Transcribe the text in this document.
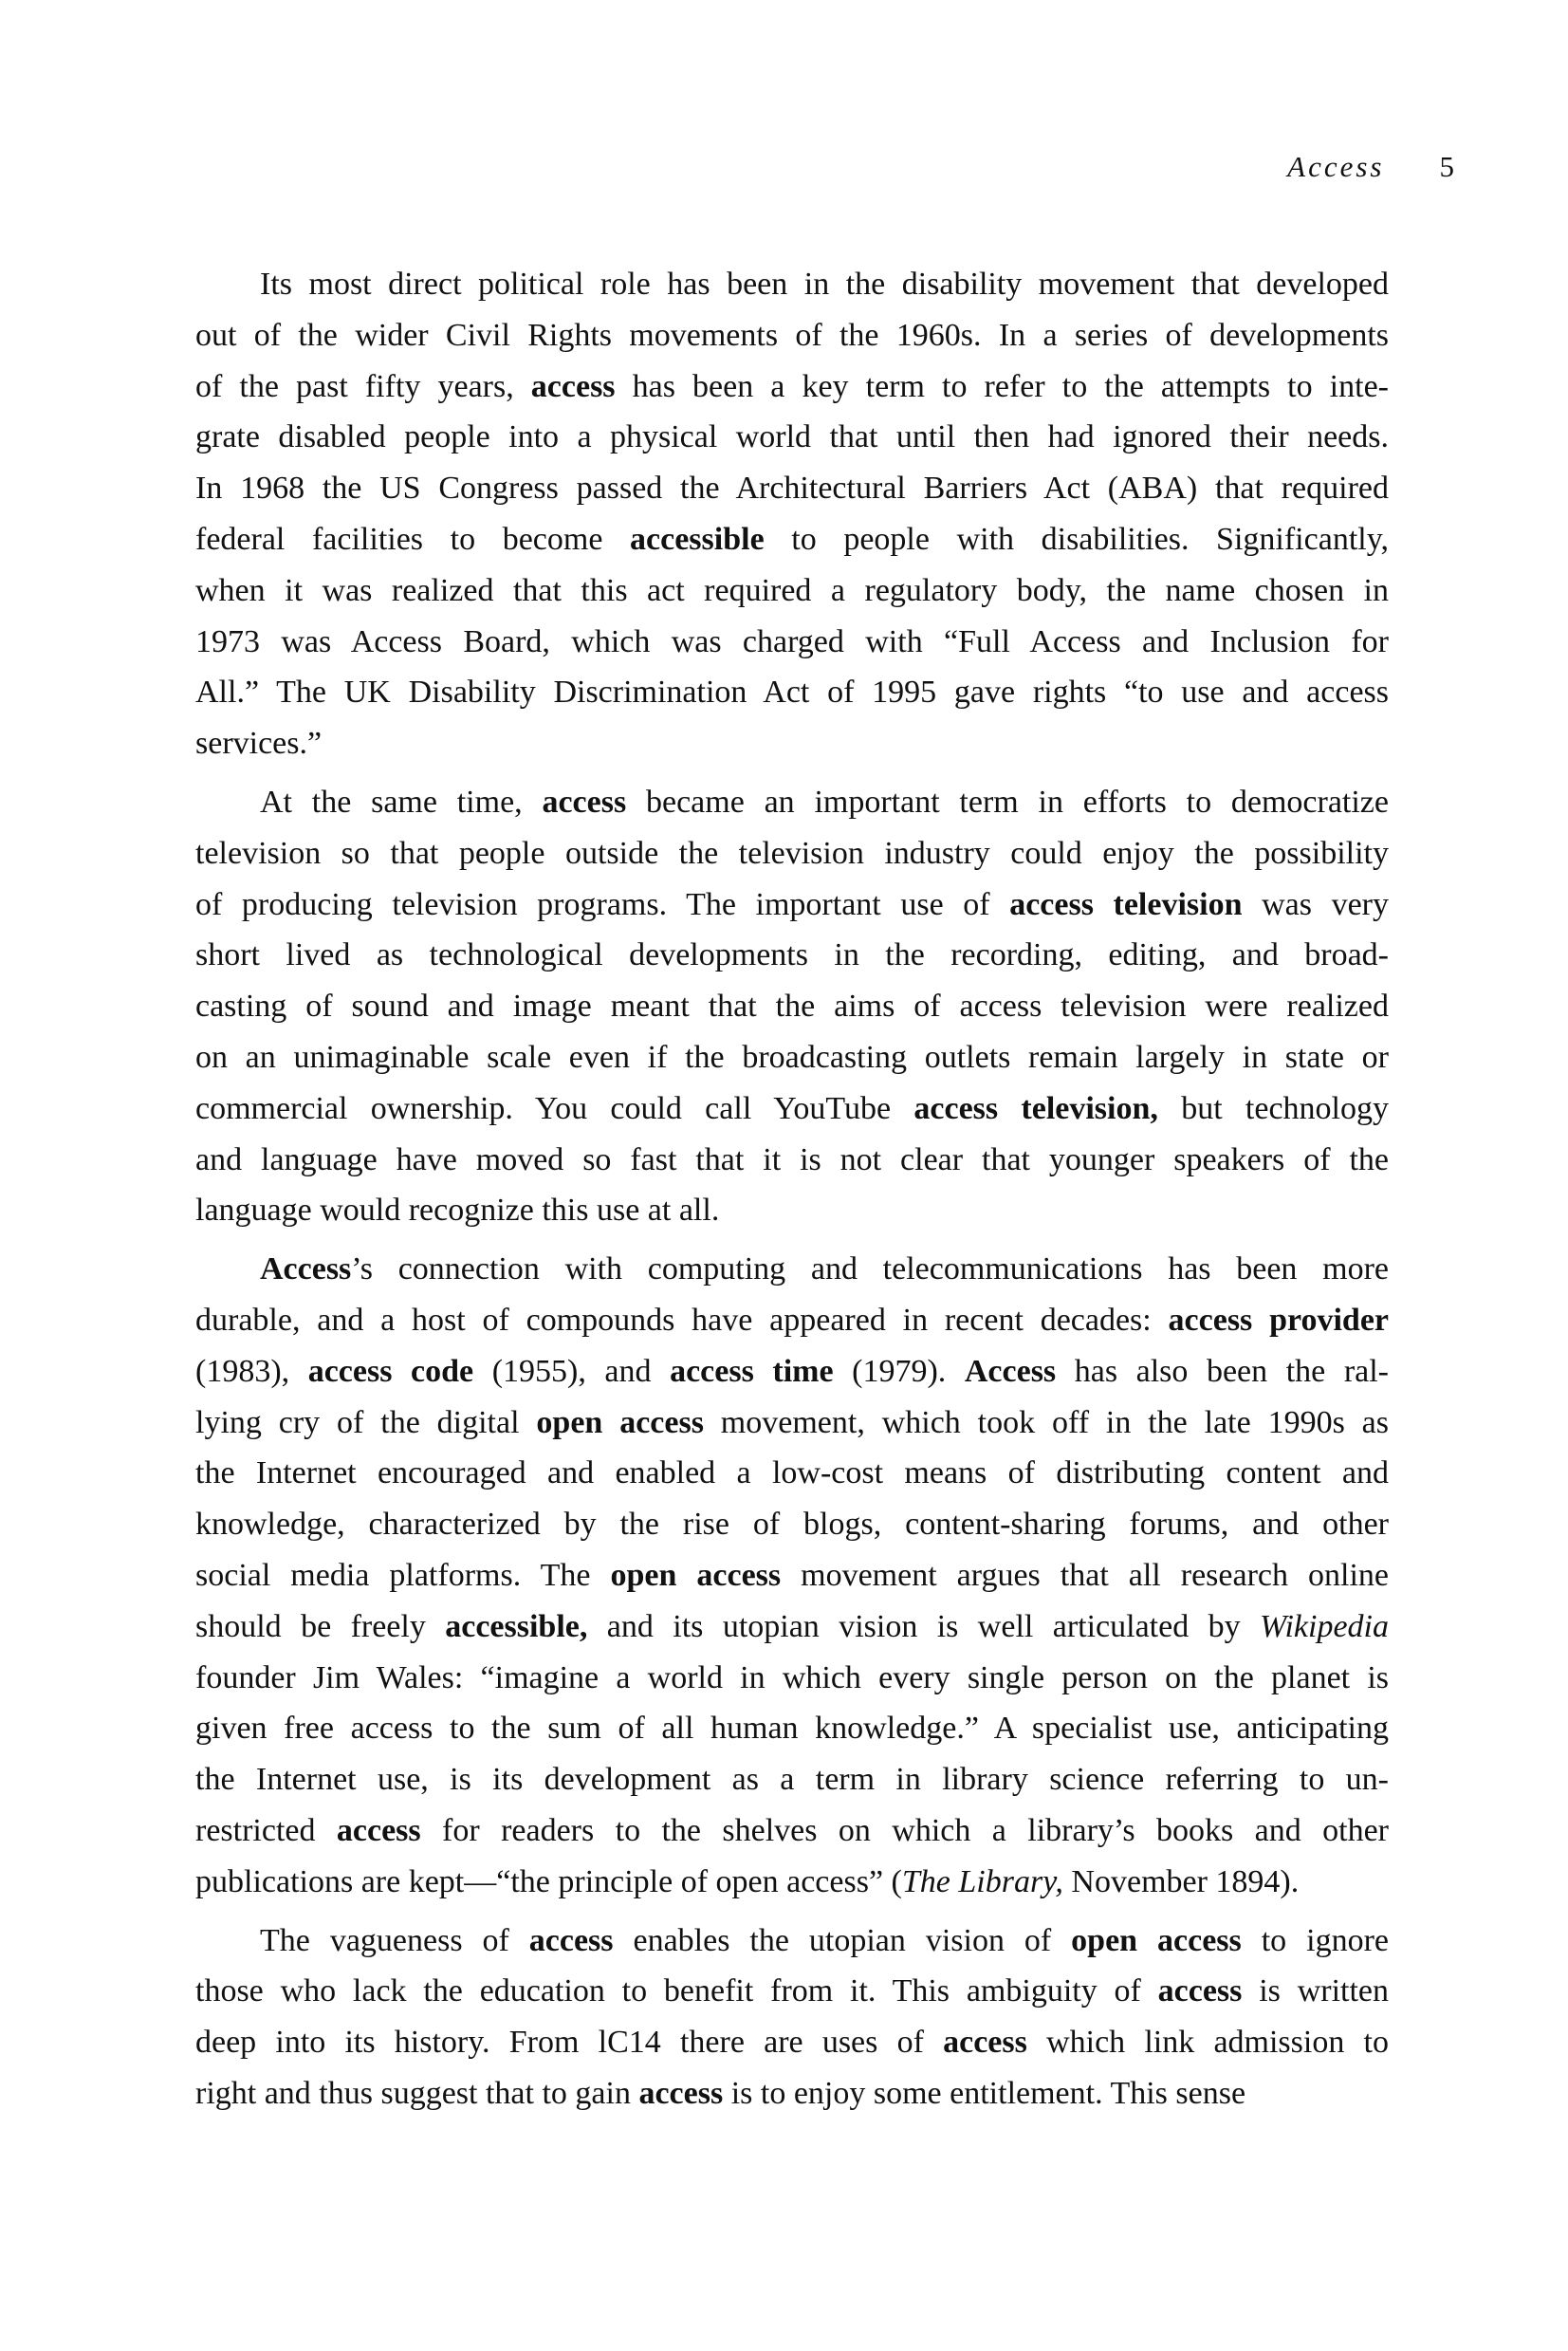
Access 5
Its most direct political role has been in the disability movement that developed
out of the wider Civil Rights movements of the 1960s. In a series of developments
of the past fifty years, access has been a key term to refer to the attempts to inte-
grate disabled people into a physical world that until then had ignored their needs.
In 1968 the US Congress passed the Architectural Barriers Act (ABA) that required
federal facilities to become accessible to people with disabilities. Significantly,
when it was realized that this act required a regulatory body, the name chosen in
1973 was Access Board, which was charged with “Full Access and Inclusion for
All.” The UK Disability Discrimination Act of 1995 gave rights “to use and access
services.”
At the same time, access became an important term in efforts to democratize
television so that people outside the television industry could enjoy the possibility
of producing television programs. The important use of access television was very
short lived as technological developments in the recording, editing, and broad-
casting of sound and image meant that the aims of access television were realized
on an unimaginable scale even if the broadcasting outlets remain largely in state or
commercial ownership. You could call YouTube access television, but technology
and language have moved so fast that it is not clear that younger speakers of the
language would recognize this use at all.
Access’s connection with computing and telecommunications has been more
durable, and a host of compounds have appeared in recent decades: access provider
(1983), access code (1955), and access time (1979). Access has also been the ral-
lying cry of the digital open access movement, which took off in the late 1990s as
the Internet encouraged and enabled a low-cost means of distributing content and
knowledge, characterized by the rise of blogs, content-sharing forums, and other
social media platforms. The open access movement argues that all research online
should be freely accessible, and its utopian vision is well articulated by Wikipedia
founder Jim Wales: “imagine a world in which every single person on the planet is
given free access to the sum of all human knowledge.” A specialist use, anticipating
the Internet use, is its development as a term in library science referring to un-
restricted access for readers to the shelves on which a library’s books and other
publications are kept—“the principle of open access” (The Library, November 1894).
The vagueness of access enables the utopian vision of open access to ignore
those who lack the education to benefit from it. This ambiguity of access is written
deep into its history. From lC14 there are uses of access which link admission to
right and thus suggest that to gain access is to enjoy some entitlement. This sense
